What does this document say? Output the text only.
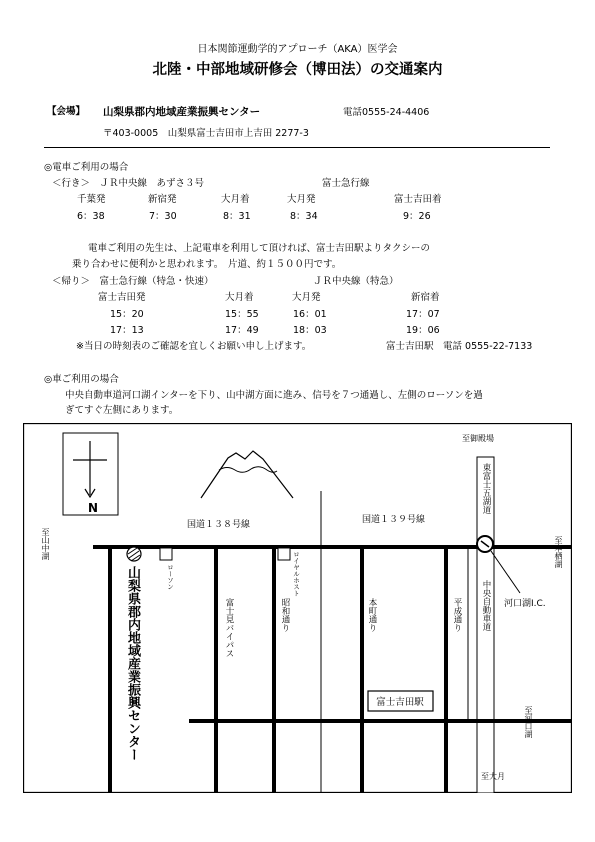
日本関節運動学的アプローチ（AKA）医学会
北陸・中部地域研修会（博田法）の交通案内
【会場】 山梨県郡内地域産業振興センター	電話0555-24-4406
〒403-0005　山梨県富士吉田市上吉田 2277-3
◎電車ご利用の場合
＜行き＞　ＪＲ中央線　あずさ３号	富士急行線
千葉発	新宿発	大月着	大月発	富士吉田着
6：38	7：30	8：31	8：34	9：26
電車ご利用の先生は、上記電車を利用して頂ければ、富士吉田駅よりタクシーの
乗り合わせに便利かと思われます。　片道、約１５００円です。
＜帰り＞　富士急行線（特急・快速）	ＪＲ中央線（特急）
富士吉田発	大月着	大月発	新宿着
15：20	15：55	16：01	17：07
17：13	17：49	18：03	19：06
※当日の時刻表のご確認を宜しくお願い申し上げます。	富士吉田駅　電話 0555-22-7133
◎車ご利用の場合
中央自動車道河口湖インターを下り、山中湖方面に進み、信号を７つ通過し、左側のローソンを過
ぎてすぐ左側にあります。
N
富士吉田駅
国道１３８号線	国道１３９号線
至御殿場
至大月
河口湖I.C.
至山中湖	至本栖湖
至河口湖
東富士五湖道
中央自動車道
ローソン	ロイヤルホスト
山梨県郡内地域産業振興センター	富士見バイパス	昭和通り	本町通り	平成通り
